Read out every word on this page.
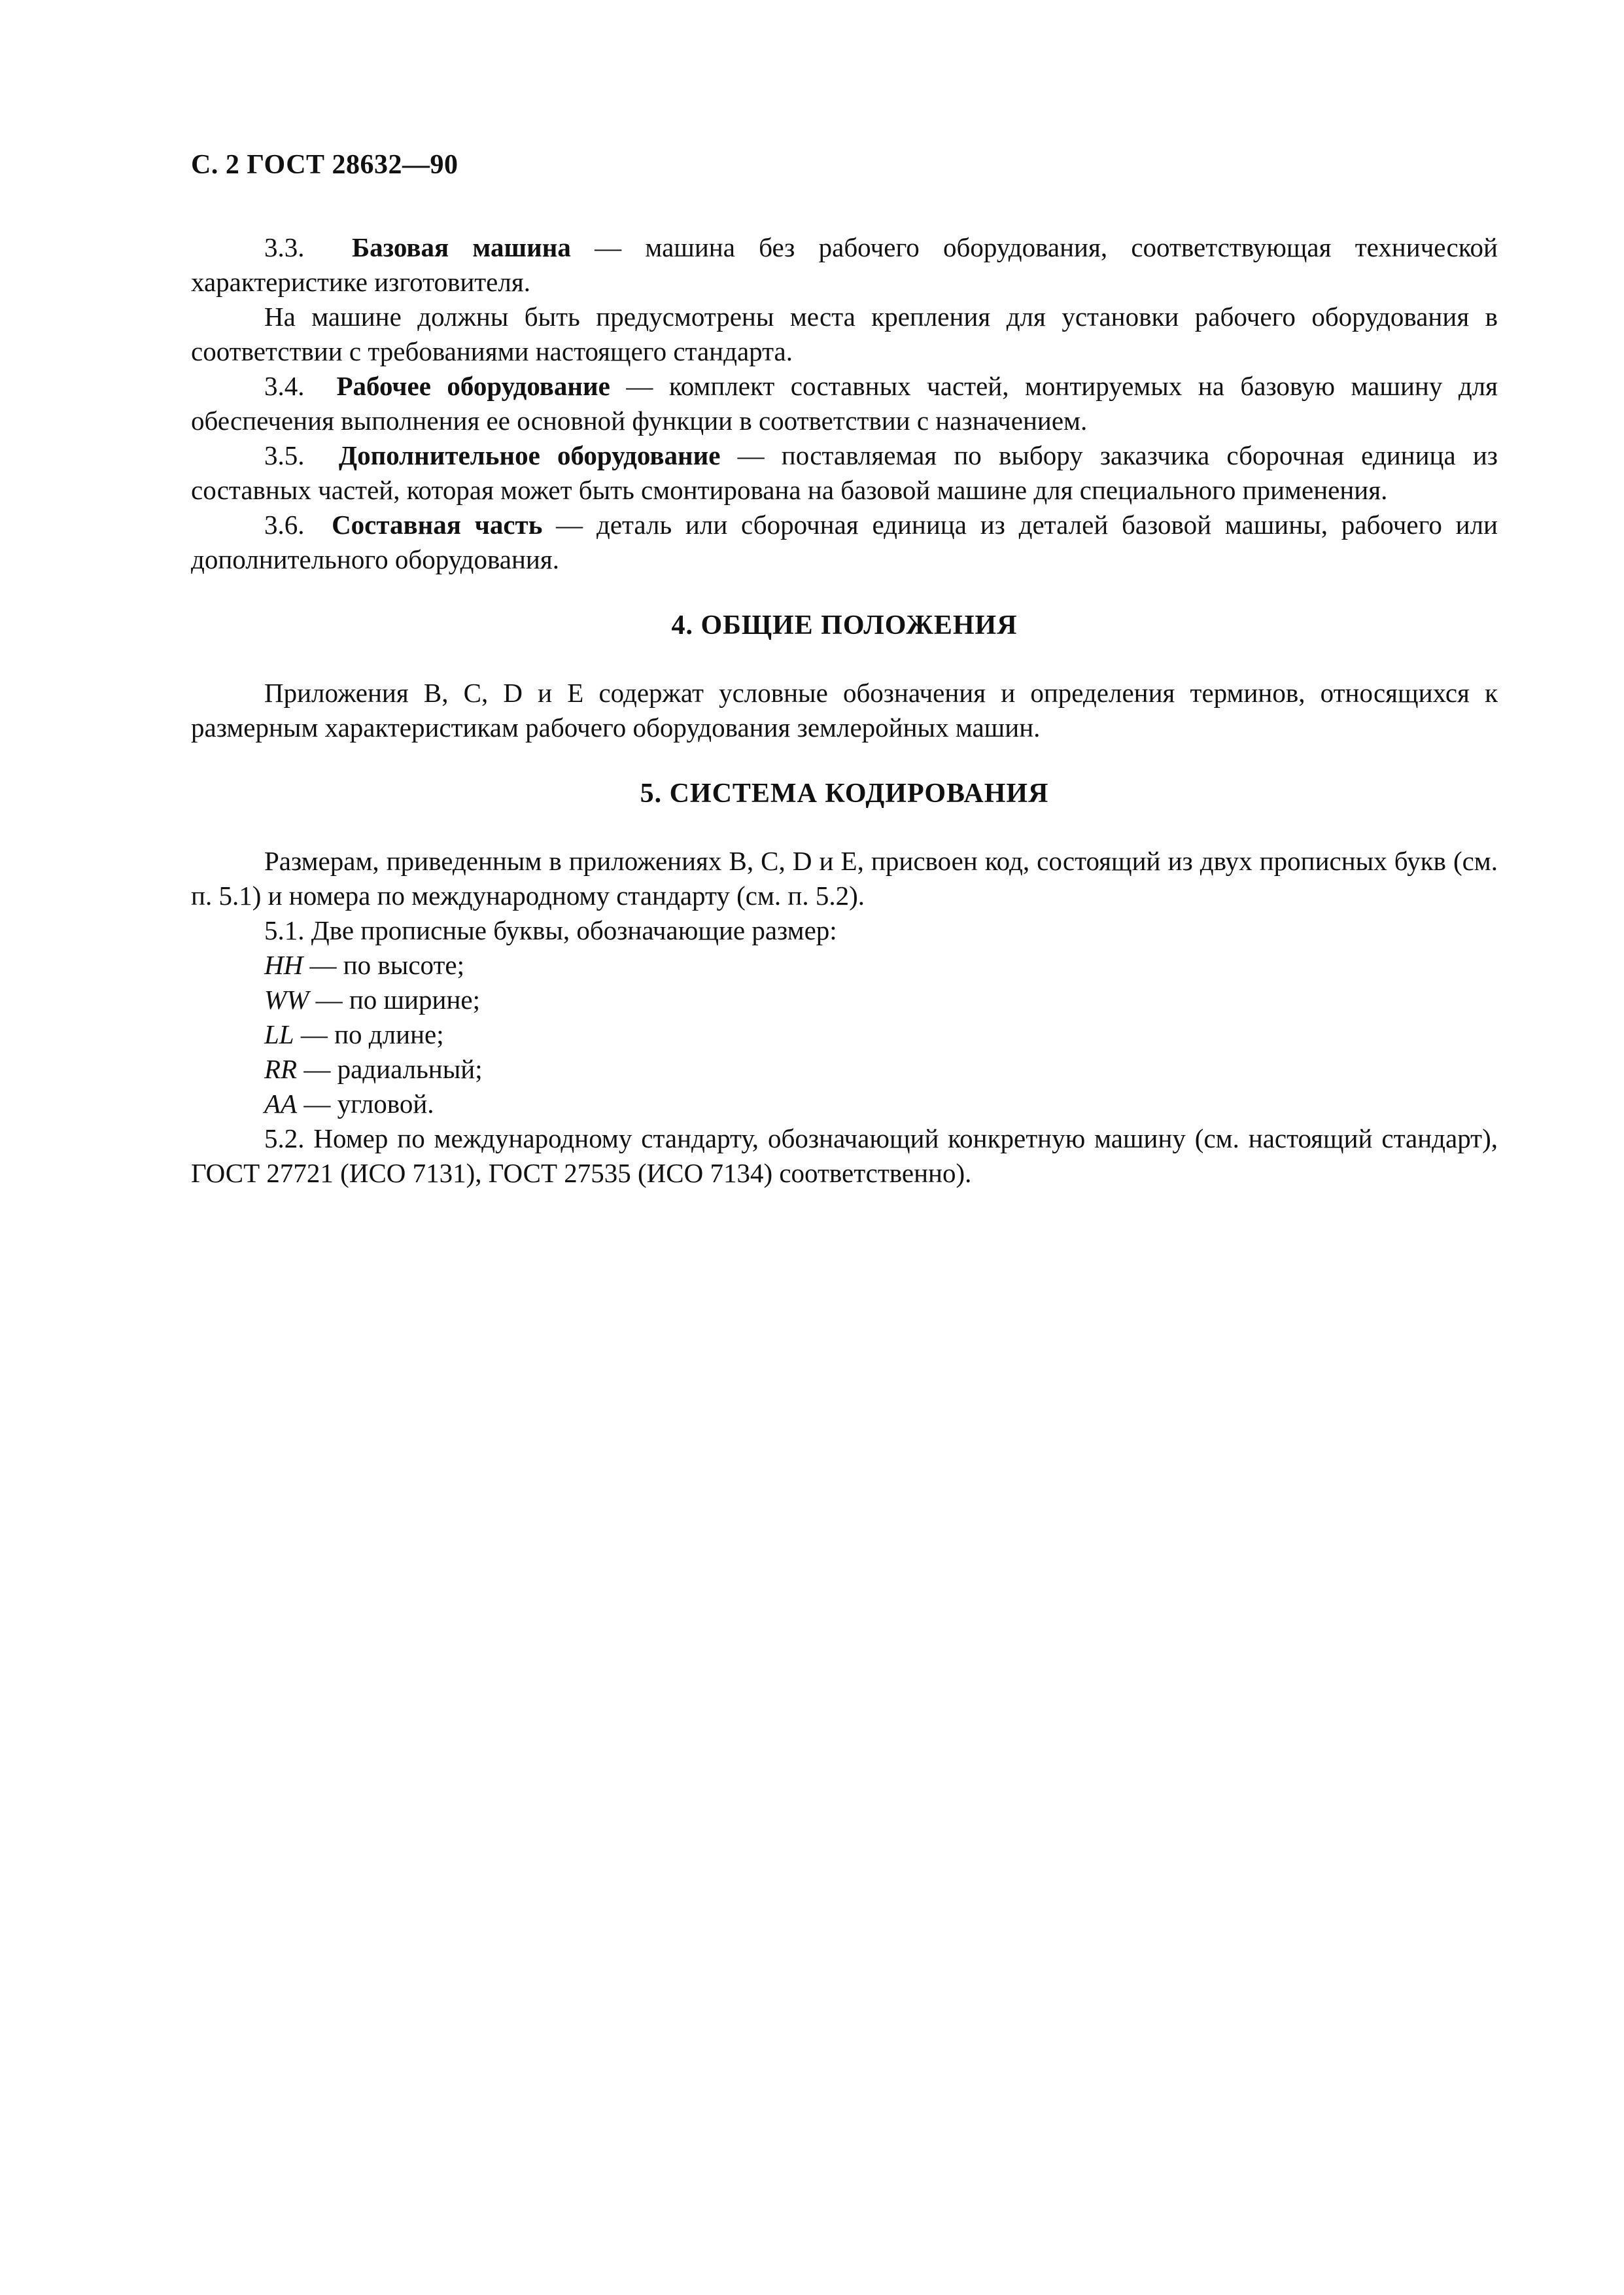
С. 2 ГОСТ 28632—90

3.3. Базовая машина — машина без рабочего оборудования, соответствующая технической характеристике изготовителя.

На машине должны быть предусмотрены места крепления для установки рабочего оборудования в соответствии с требованиями настоящего стандарта.

3.4. Рабочее оборудование — комплект составных частей, монтируемых на базовую машину для обеспечения выполнения ее основной функции в соответствии с назначением.

3.5. Дополнительное оборудование — поставляемая по выбору заказчика сборочная единица из составных частей, которая может быть смонтирована на базовой машине для специального применения.

3.6. Составная часть — деталь или сборочная единица из деталей базовой машины, рабочего или дополнительного оборудования.

4. ОБЩИЕ ПОЛОЖЕНИЯ

Приложения B, C, D и E содержат условные обозначения и определения терминов, относящихся к размерным характеристикам рабочего оборудования землеройных машин.

5. СИСТЕМА КОДИРОВАНИЯ

Размерам, приведенным в приложениях B, C, D и E, присвоен код, состоящий из двух прописных букв (см. п. 5.1) и номера по международному стандарту (см. п. 5.2).

5.1. Две прописные буквы, обозначающие размер:

HH — по высоте;

WW — по ширине;

LL — по длине;

RR — радиальный;

AA — угловой.

5.2. Номер по международному стандарту, обозначающий конкретную машину (см. настоящий стандарт), ГОСТ 27721 (ИСО 7131), ГОСТ 27535 (ИСО 7134) соответственно).
